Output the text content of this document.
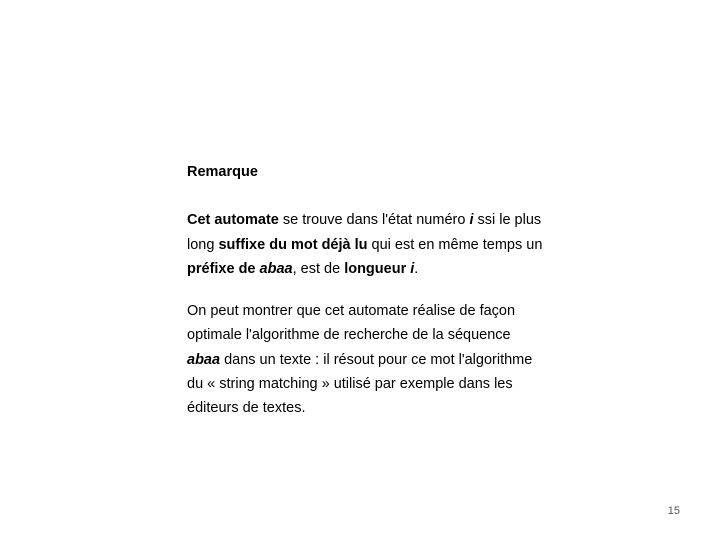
Remarque

Cet automate se trouve dans l'état numéro i ssi le plus long suffixe du mot déjà lu qui est en même temps un préfixe de abaa, est de longueur i.

On peut montrer que cet automate réalise de façon optimale l'algorithme de recherche de la séquence abaa dans un texte : il résout pour ce mot l'algorithme du « string matching » utilisé par exemple dans les éditeurs de textes.

15
